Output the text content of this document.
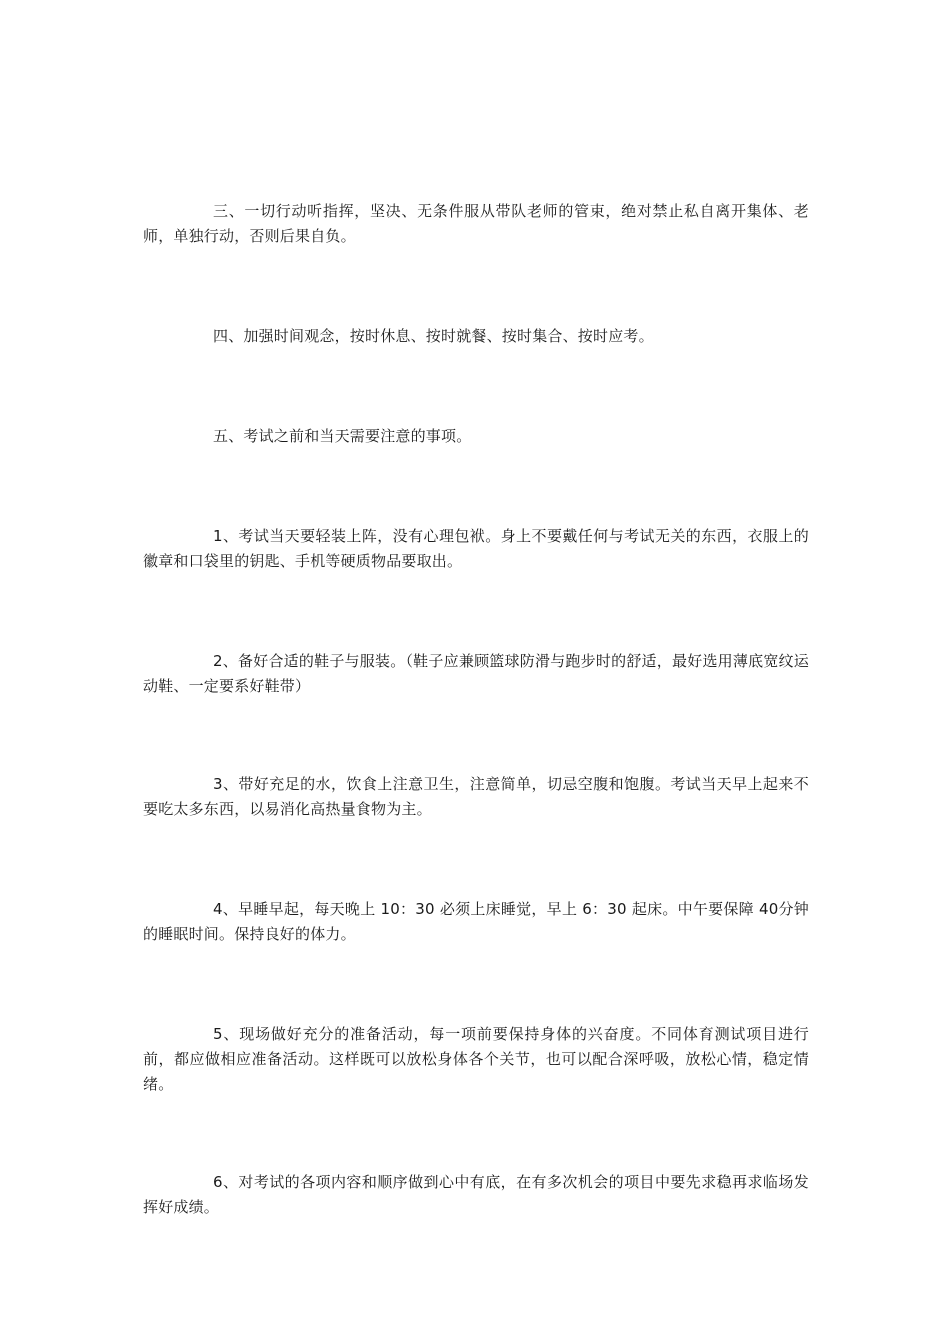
三、一切行动听指挥，坚决、无条件服从带队老师的管束，绝对禁止私自离开集体、老师，单独行动，否则后果自负。

四、加强时间观念，按时休息、按时就餐、按时集合、按时应考。

五、考试之前和当天需要注意的事项。

1、考试当天要轻装上阵，没有心理包袱。身上不要戴任何与考试无关的东西，衣服上的徽章和口袋里的钥匙、手机等硬质物品要取出。

2、备好合适的鞋子与服装。（鞋子应兼顾篮球防滑与跑步时的舒适，最好选用薄底宽纹运动鞋、一定要系好鞋带）

3、带好充足的水，饮食上注意卫生，注意简单，切忌空腹和饱腹。考试当天早上起来不要吃太多东西，以易消化高热量食物为主。

4、早睡早起，每天晚上 10：30 必须上床睡觉，早上 6：30 起床。中午要保障 40分钟的睡眠时间。保持良好的体力。

5、现场做好充分的准备活动，每一项前要保持身体的兴奋度。不同体育测试项目进行前，都应做相应准备活动。这样既可以放松身体各个关节，也可以配合深呼吸，放松心情，稳定情绪。

6、对考试的各项内容和顺序做到心中有底，在有多次机会的项目中要先求稳再求临场发挥好成绩。
